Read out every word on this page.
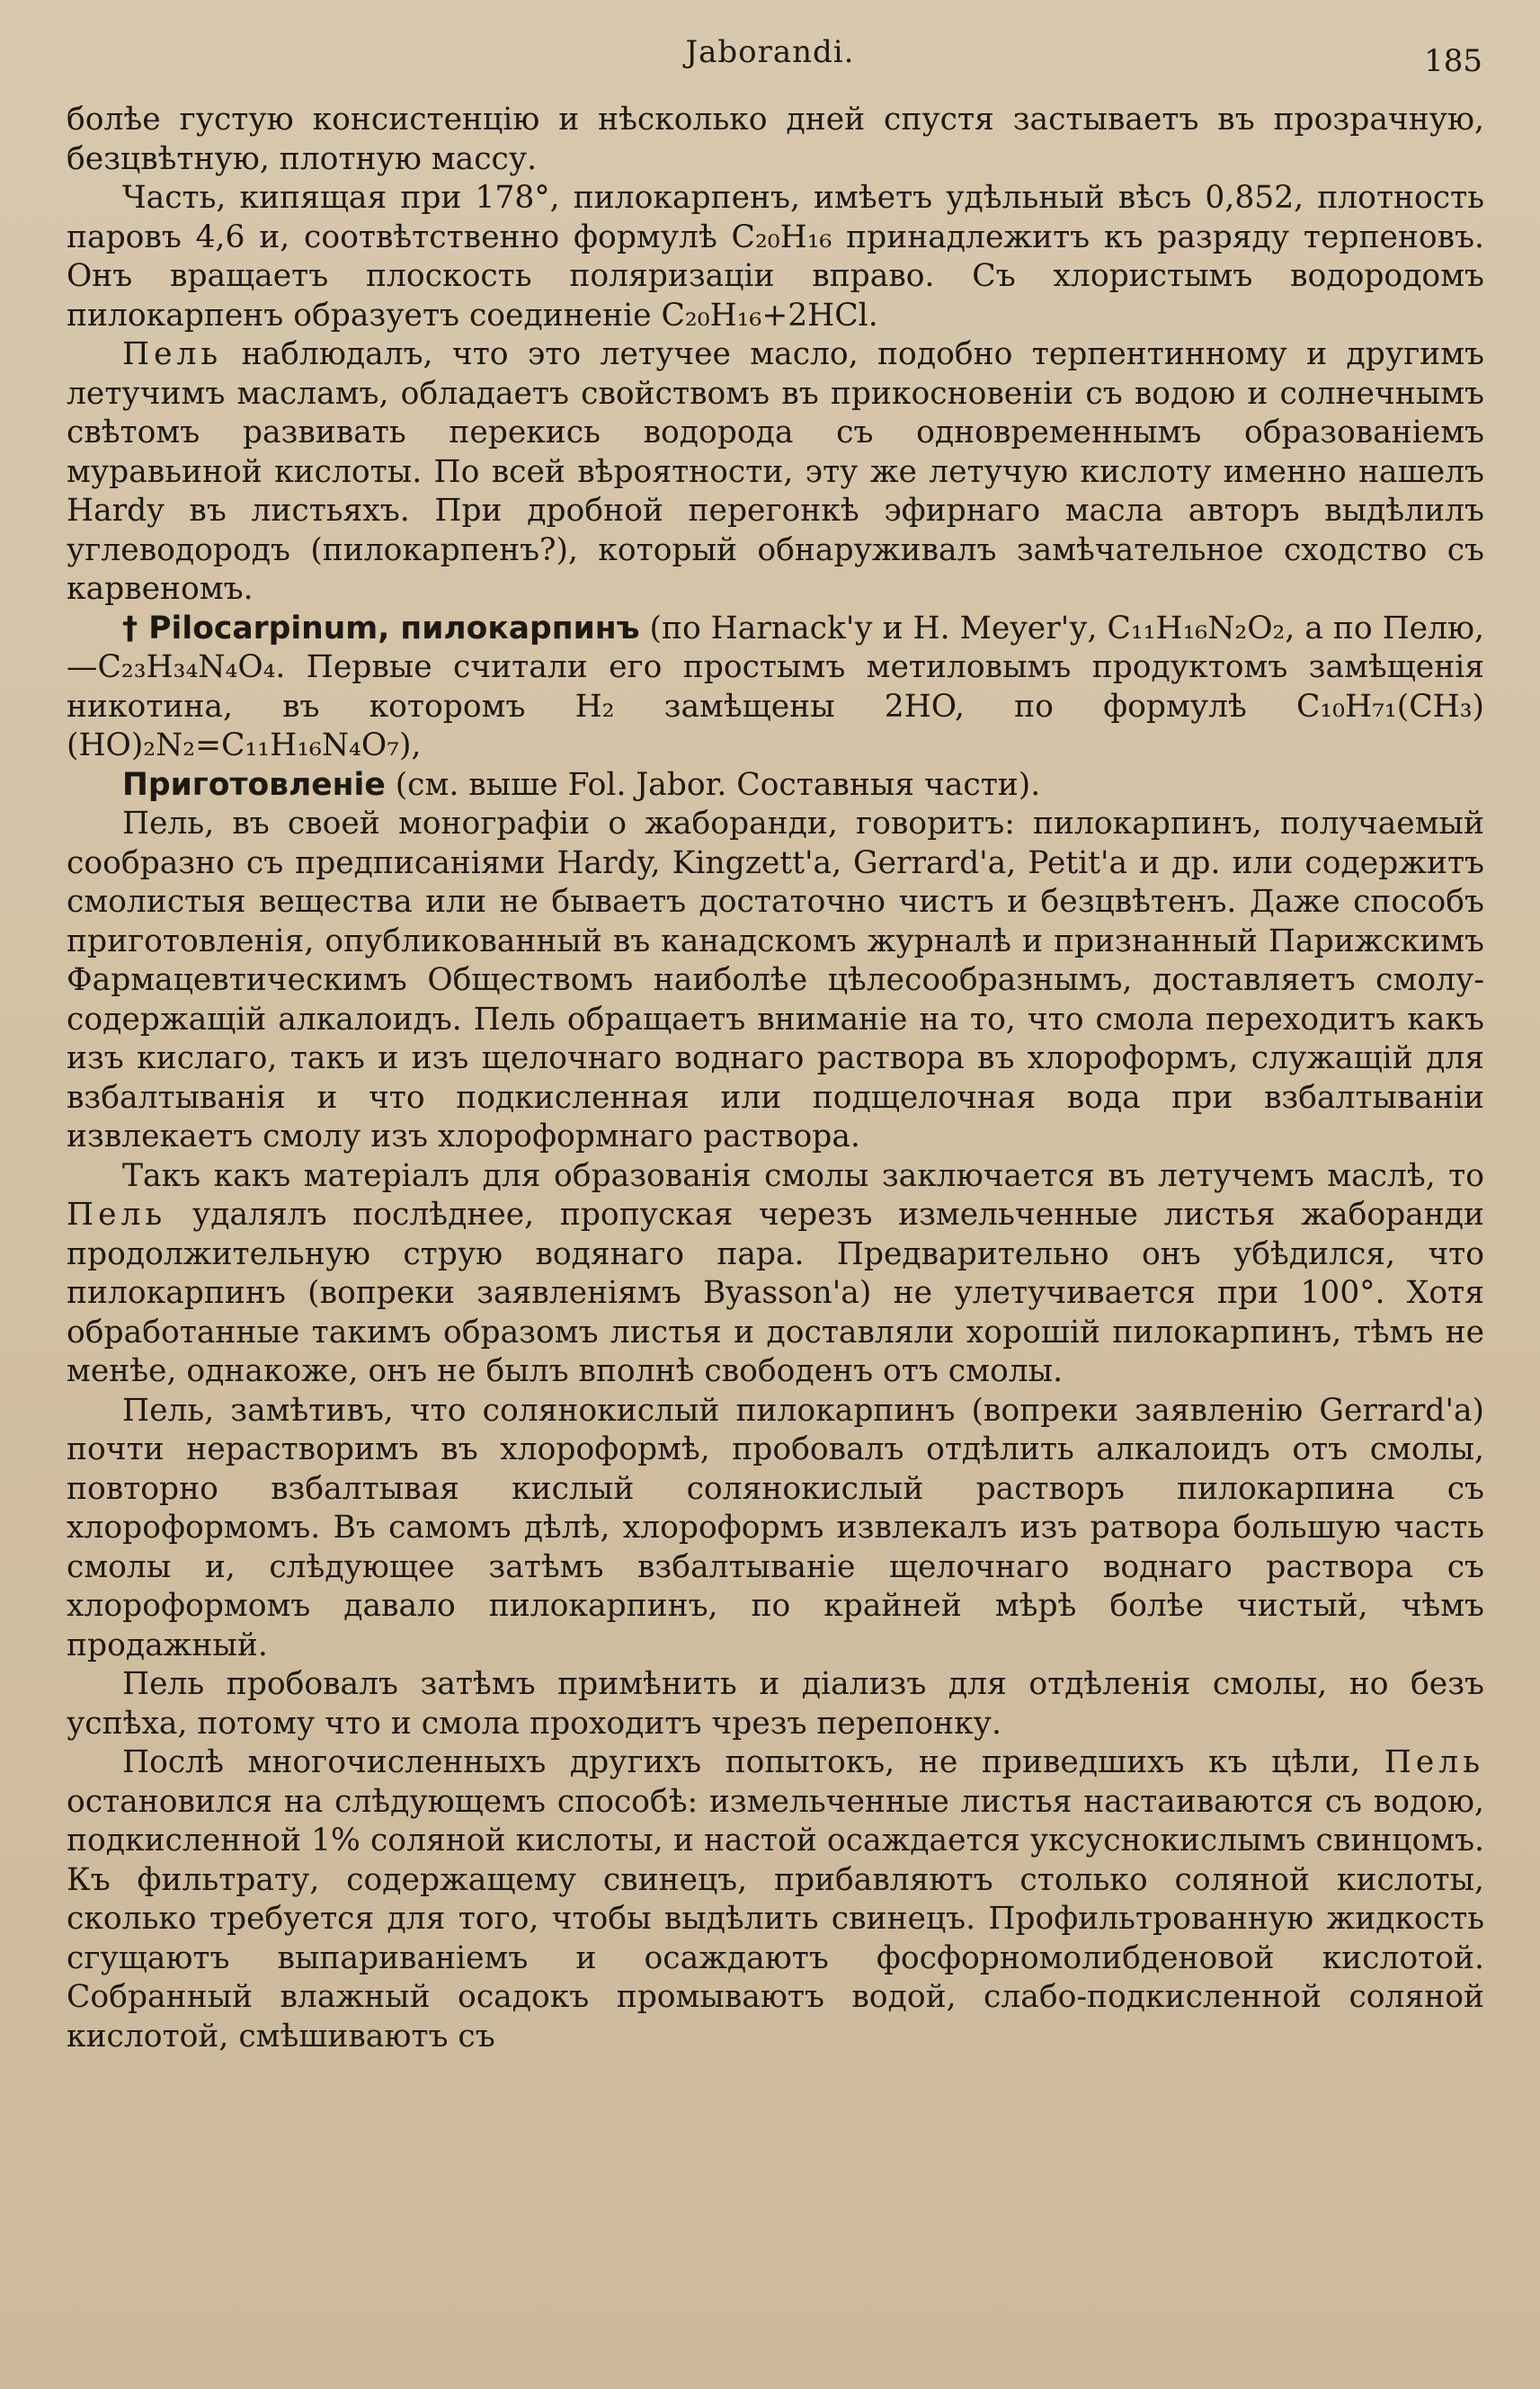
Jaborandi.	185

болѣе густую консистенцію и нѣсколько дней спустя застываетъ въ прозрачную, безцвѣтную, плотную массу.

Часть, кипящая при 178°, пилокарпенъ, имѣетъ удѣльный вѣсъ 0,852, плотность паровъ 4,6 и, соотвѣтственно формулѣ C₂₀H₁₆ принадлежитъ къ разряду терпеновъ. Онъ вращаетъ плоскость поляризаціи вправо. Съ хлористымъ водородомъ пилокарпенъ образуетъ соединеніе C₂₀H₁₆+2HCl.

Пель наблюдалъ, что это летучее масло, подобно терпентинному и другимъ летучимъ масламъ, обладаетъ свойствомъ въ прикосновеніи съ водою и солнечнымъ свѣтомъ развивать перекись водорода съ одновременнымъ образованіемъ муравьиной кислоты. По всей вѣроятности, эту же летучую кислоту именно нашелъ Hardy въ листьяхъ. При дробной перегонкѣ эфирнаго масла авторъ выдѣлилъ углеводородъ (пилокарпенъ?), который обнаруживалъ замѣчательное сходство съ карвеномъ.

† Pilocarpinum, пилокарпинъ (по Harnack'у и H. Meyer'у, C₁₁H₁₆N₂O₂, а по Пелю,—C₂₃H₃₄N₄O₄. Первые считали его простымъ метиловымъ продуктомъ замѣщенія никотина, въ которомъ H₂ замѣщены 2HO, по формулѣ C₁₀H₇₁(CH₃)(HO)₂N₂=C₁₁H₁₆N₄O₇),

Приготовленіе (см. выше Fol. Jabor. Составныя части).

Пель, въ своей монографіи о жаборанди, говоритъ: пилокарпинъ, получаемый сообразно съ предписаніями Hardy, Kingzett'a, Gerrard'a, Petit'a и др. или содержитъ смолистыя вещества или не бываетъ достаточно чистъ и безцвѣтенъ. Даже способъ приготовленія, опубликованный въ канадскомъ журналѣ и признанный Парижскимъ Фармацевтическимъ Обществомъ наиболѣе цѣлесообразнымъ, доставляетъ смолу-содержащій алкалоидъ. Пель обращаетъ вниманіе на то, что смола переходитъ какъ изъ кислаго, такъ и изъ щелочнаго воднаго раствора въ хлороформъ, служащій для взбалтыванія и что подкисленная или подщелочная вода при взбалтываніи извлекаетъ смолу изъ хлороформнаго раствора.

Такъ какъ матеріалъ для образованія смолы заключается въ летучемъ маслѣ, то Пель удалялъ послѣднее, пропуская черезъ измельченные листья жаборанди продолжительную струю водянаго пара. Предварительно онъ убѣдился, что пилокарпинъ (вопреки заявленіямъ Byasson'a) не улетучивается при 100°. Хотя обработанные такимъ образомъ листья и доставляли хорошій пилокарпинъ, тѣмъ не менѣе, однакоже, онъ не былъ вполнѣ свободенъ отъ смолы.

Пель, замѣтивъ, что солянокислый пилокарпинъ (вопреки заявленію Gerrard'a) почти нерастворимъ въ хлороформѣ, пробовалъ отдѣлить алкалоидъ отъ смолы, повторно взбалтывая кислый солянокислый растворъ пилокарпина съ хлороформомъ. Въ самомъ дѣлѣ, хлороформъ извлекалъ изъ ратвора большую часть смолы и, слѣдующее затѣмъ взбалтываніе щелочнаго воднаго раствора съ хлороформомъ давало пилокарпинъ, по крайней мѣрѣ болѣе чистый, чѣмъ продажный.

Пель пробовалъ затѣмъ примѣнить и діализъ для отдѣленія смолы, но безъ успѣха, потому что и смола проходитъ чрезъ перепонку.

Послѣ многочисленныхъ другихъ попытокъ, не приведшихъ къ цѣли, Пель остановился на слѣдующемъ способѣ: измельченные листья настаиваются съ водою, подкисленной 1% соляной кислоты, и настой осаждается уксуснокислымъ свинцомъ. Къ фильтрату, содержащему свинецъ, прибавляютъ столько соляной кислоты, сколько требуется для того, чтобы выдѣлить свинецъ. Профильтрованную жидкость сгущаютъ выпариваніемъ и осаждаютъ фосфорномолибденовой кислотой. Собранный влажный осадокъ промываютъ водой, слабо-подкисленной соляной кислотой, смѣшиваютъ съ
